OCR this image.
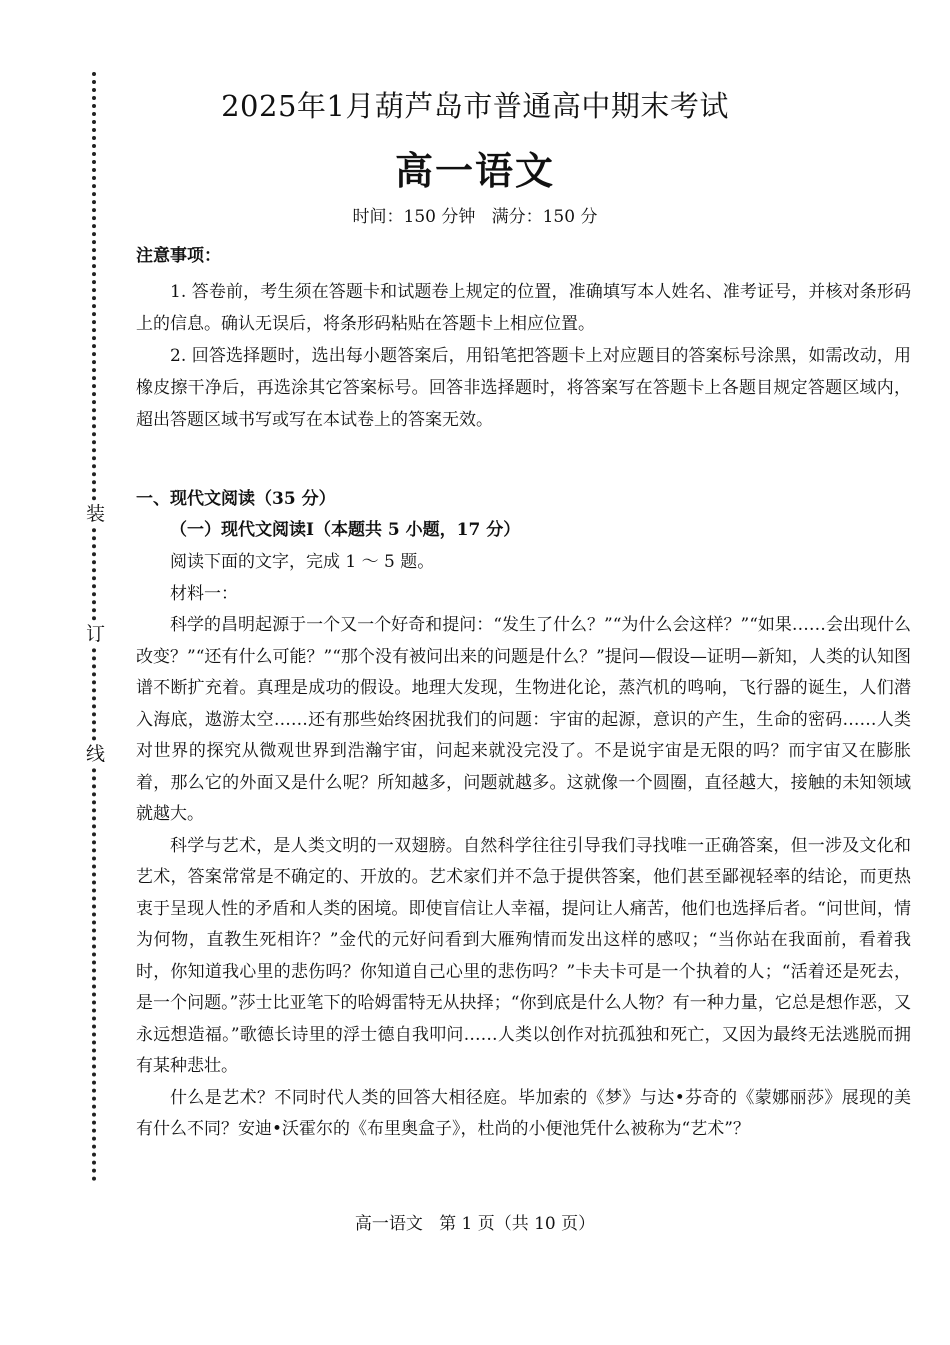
装
订
线
2025年1月葫芦岛市普通高中期末考试
高一语文
时间：150 分钟   满分：150 分
注意事项：
1. 答卷前，考生须在答题卡和试题卷上规定的位置，准确填写本人姓名、准考证号，并核对条形码上的信息。确认无误后，将条形码粘贴在答题卡上相应位置。
2. 回答选择题时，选出每小题答案后，用铅笔把答题卡上对应题目的答案标号涂黑，如需改动，用橡皮擦干净后，再选涂其它答案标号。回答非选择题时，将答案写在答题卡上各题目规定答题区域内，超出答题区域书写或写在本试卷上的答案无效。
一、现代文阅读（35 分）
（一）现代文阅读Ⅰ（本题共 5 小题，17 分）
阅读下面的文字，完成 1 ～ 5 题。
材料一：

科学的昌明起源于一个又一个好奇和提问：“发生了什么？”“为什么会这样？”“如果……会出现什么改变？”“还有什么可能？”“那个没有被问出来的问题是什么？”提问—假设—证明—新知，人类的认知图谱不断扩充着。真理是成功的假设。地理大发现，生物进化论，蒸汽机的鸣响，飞行器的诞生，人们潜入海底，遨游太空……还有那些始终困扰我们的问题：宇宙的起源，意识的产生，生命的密码……人类对世界的探究从微观世界到浩瀚宇宙，问起来就没完没了。不是说宇宙是无限的吗？而宇宙又在膨胀着，那么它的外面又是什么呢？所知越多，问题就越多。这就像一个圆圈，直径越大，接触的未知领域就越大。

科学与艺术，是人类文明的一双翅膀。自然科学往往引导我们寻找唯一正确答案，但一涉及文化和艺术，答案常常是不确定的、开放的。艺术家们并不急于提供答案，他们甚至鄙视轻率的结论，而更热衷于呈现人性的矛盾和人类的困境。即使盲信让人幸福，提问让人痛苦，他们也选择后者。“问世间，情为何物，直教生死相许？”金代的元好问看到大雁殉情而发出这样的感叹；“当你站在我面前，看着我时，你知道我心里的悲伤吗？你知道自己心里的悲伤吗？”卡夫卡可是一个执着的人；“活着还是死去，是一个问题。”莎士比亚笔下的哈姆雷特无从抉择；“你到底是什么人物？有一种力量，它总是想作恶，又永远想造福。”歌德长诗里的浮士德自我叩问……人类以创作对抗孤独和死亡，又因为最终无法逃脱而拥有某种悲壮。

什么是艺术？不同时代人类的回答大相径庭。毕加索的《梦》与达•芬奇的《蒙娜丽莎》展现的美有什么不同？安迪•沃霍尔的《布里奥盒子》，杜尚的小便池凭什么被称为“艺术”？

高一语文   第 1 页（共 10 页）
